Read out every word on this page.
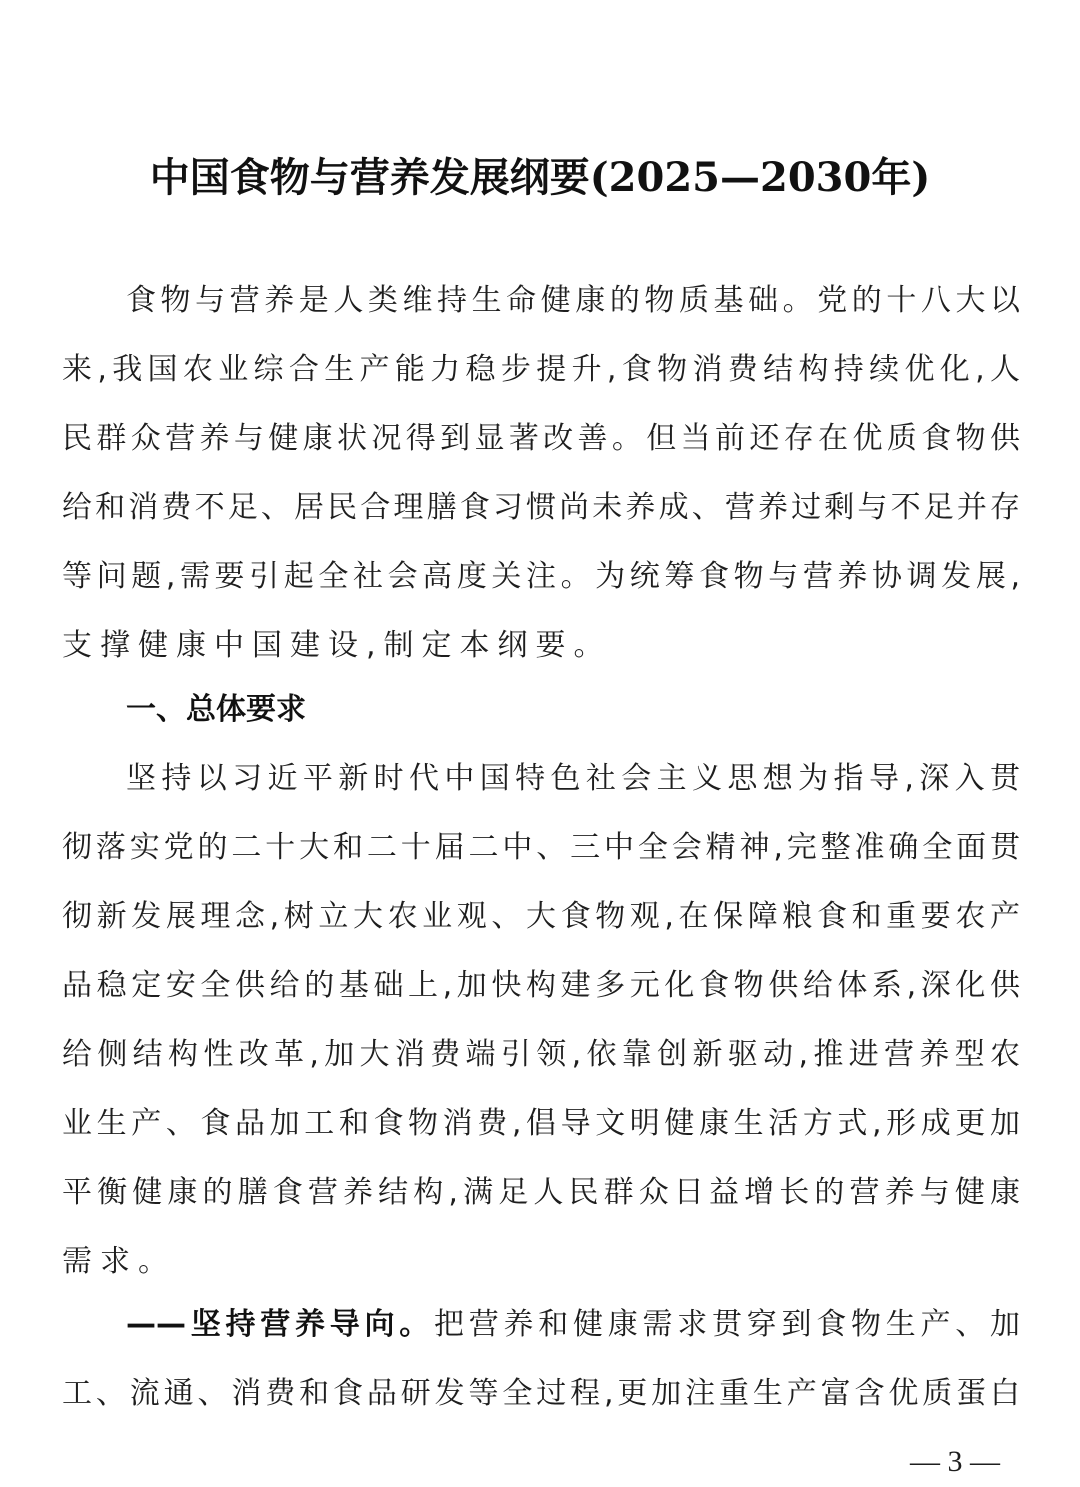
中国食物与营养发展纲要(2025—2030年)
食物与营养是人类维持生命健康的物质基础。党的十八大以
来,我国农业综合生产能力稳步提升,食物消费结构持续优化,人
民群众营养与健康状况得到显著改善。但当前还存在优质食物供
给和消费不足、居民合理膳食习惯尚未养成、营养过剩与不足并存
等问题,需要引起全社会高度关注。为统筹食物与营养协调发展,
支撑健康中国建设,制定本纲要。
一、总体要求
坚持以习近平新时代中国特色社会主义思想为指导,深入贯
彻落实党的二十大和二十届二中、三中全会精神,完整准确全面贯
彻新发展理念,树立大农业观、大食物观,在保障粮食和重要农产
品稳定安全供给的基础上,加快构建多元化食物供给体系,深化供
给侧结构性改革,加大消费端引领,依靠创新驱动,推进营养型农
业生产、食品加工和食物消费,倡导文明健康生活方式,形成更加
平衡健康的膳食营养结构,满足人民群众日益增长的营养与健康
需求。
——坚持营养导向。把营养和健康需求贯穿到食物生产、加
工、流通、消费和食品研发等全过程,更加注重生产富含优质蛋白
— 3 —
